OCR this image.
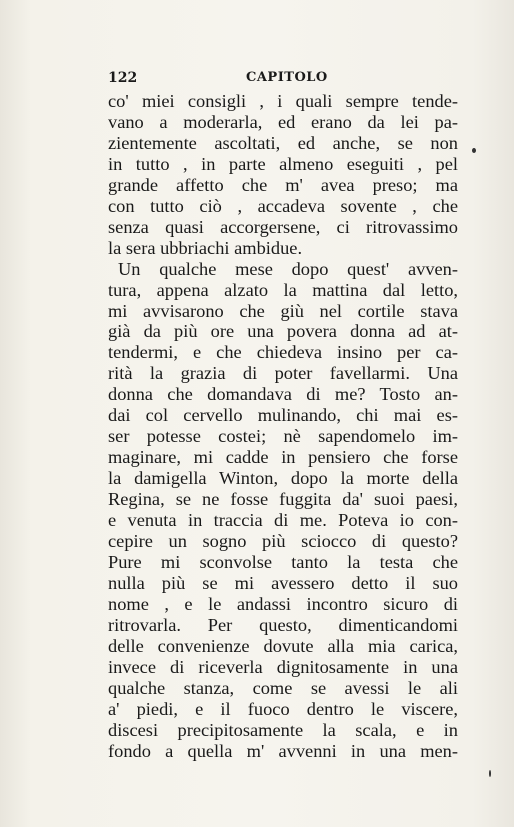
122	CAPITOLO
co' miei consigli , i quali sempre tende-
vano a moderarla, ed erano da lei pa-
zientemente ascoltati, ed anche, se non
in tutto , in parte almeno eseguiti , pel
grande affetto che m' avea preso; ma
con tutto ciò , accadeva sovente , che
senza quasi accorgersene, ci ritrovassimo
la sera ubbriachi ambidue.
Un qualche mese dopo quest' avven-
tura, appena alzato la mattina dal letto,
mi avvisarono che giù nel cortile stava
già da più ore una povera donna ad at-
tendermi, e che chiedeva insino per ca-
rità la grazia di poter favellarmi. Una
donna che domandava di me? Tosto an-
dai col cervello mulinando, chi mai es-
ser potesse costei; nè sapendomelo im-
maginare, mi cadde in pensiero che forse
la damigella Winton, dopo la morte della
Regina, se ne fosse fuggita da' suoi paesi,
e venuta in traccia di me. Poteva io con-
cepire un sogno più sciocco di questo?
Pure mi sconvolse tanto la testa che
nulla più se mi avessero detto il suo
nome , e le andassi incontro sicuro di
ritrovarla. Per questo, dimenticandomi
delle convenienze dovute alla mia carica,
invece di riceverla dignitosamente in una
qualche stanza, come se avessi le ali
a' piedi, e il fuoco dentro le viscere,
discesi precipitosamente la scala, e in
fondo a quella m' avvenni in una men-
